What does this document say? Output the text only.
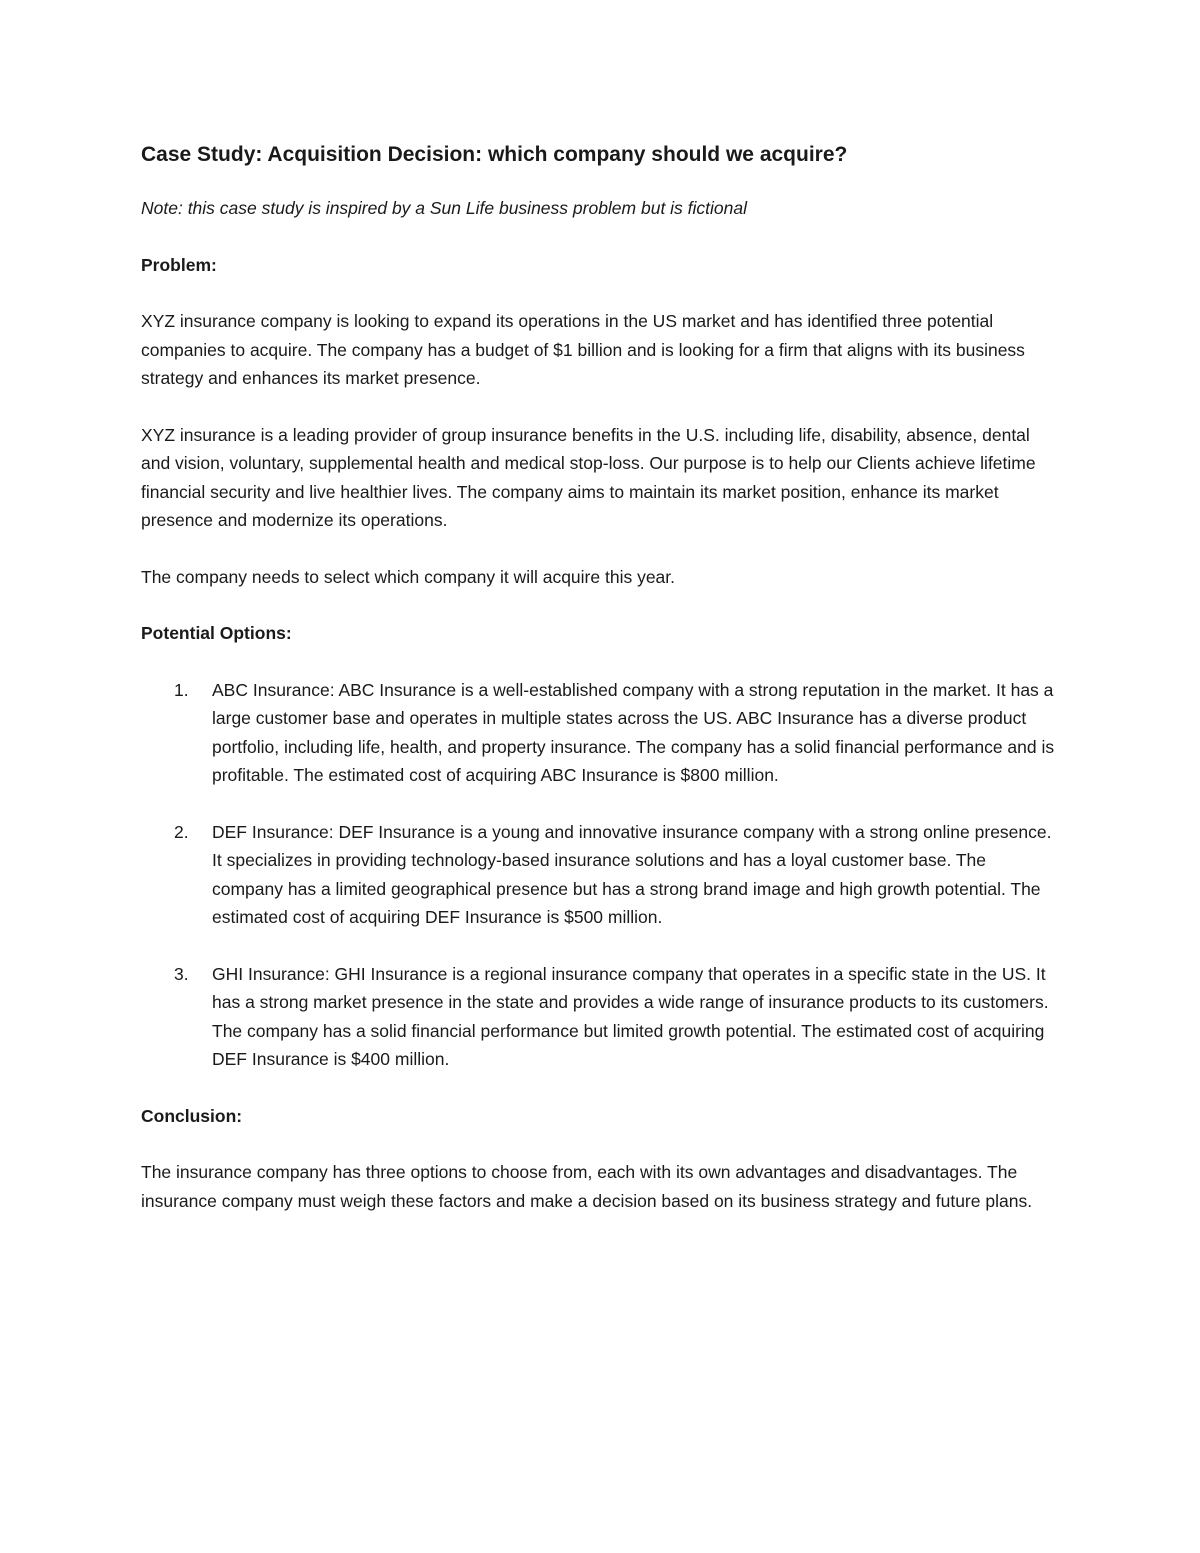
Case Study: Acquisition Decision: which company should we acquire?
Note: this case study is inspired by a Sun Life business problem but is fictional
Problem:
XYZ insurance company is looking to expand its operations in the US market and has identified three potential companies to acquire. The company has a budget of $1 billion and is looking for a firm that aligns with its business strategy and enhances its market presence.
XYZ insurance is a leading provider of group insurance benefits in the U.S. including life, disability, absence, dental and vision, voluntary, supplemental health and medical stop-loss. Our purpose is to help our Clients achieve lifetime financial security and live healthier lives. The company aims to maintain its market position, enhance its market presence and modernize its operations.
The company needs to select which company it will acquire this year.
Potential Options:
1. ABC Insurance: ABC Insurance is a well-established company with a strong reputation in the market. It has a large customer base and operates in multiple states across the US. ABC Insurance has a diverse product portfolio, including life, health, and property insurance. The company has a solid financial performance and is profitable. The estimated cost of acquiring ABC Insurance is $800 million.
2. DEF Insurance: DEF Insurance is a young and innovative insurance company with a strong online presence. It specializes in providing technology-based insurance solutions and has a loyal customer base. The company has a limited geographical presence but has a strong brand image and high growth potential. The estimated cost of acquiring DEF Insurance is $500 million.
3. GHI Insurance: GHI Insurance is a regional insurance company that operates in a specific state in the US. It has a strong market presence in the state and provides a wide range of insurance products to its customers. The company has a solid financial performance but limited growth potential. The estimated cost of acquiring DEF Insurance is $400 million.
Conclusion:
The insurance company has three options to choose from, each with its own advantages and disadvantages. The insurance company must weigh these factors and make a decision based on its business strategy and future plans.
